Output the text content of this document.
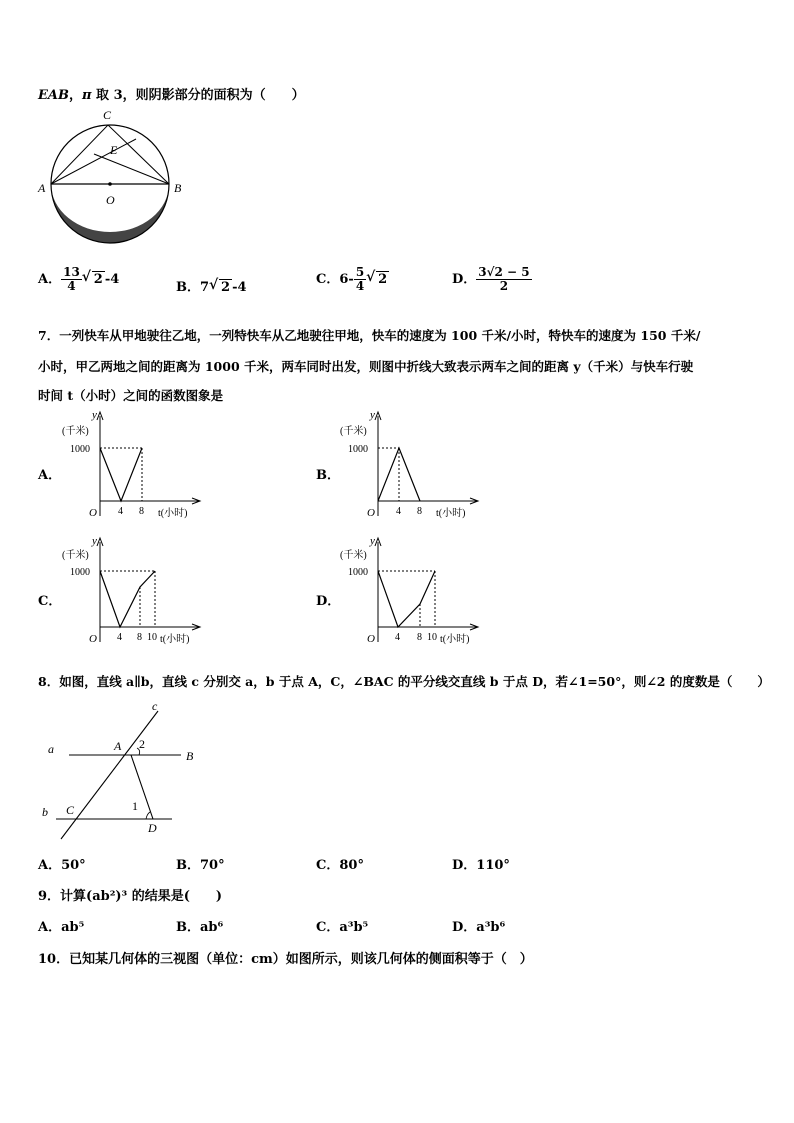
EAB，π 取 3，则阴影部分的面积为（　　）
C
E
A
O
B
A． $\frac{13}{4}$ √ 2 -4
B．7 √ 2 -4
C．$6- \frac{5}{4}$ √ 2	D． $\frac{3√2 - 5}{2}$
7．一列快车从甲地驶往乙地，一列特快车从乙地驶往甲地，快车的速度为 100 千米/小时，特快车的速度为 150 千米/
小时，甲乙两地之间的距离为 1000 千米，两车同时出发，则图中折线大致表示两车之间的距离 y（千米）与快车行驶
时间 t（小时）之间的函数图象是
A．
y
(千米)
1000
O 4 8 t(小时)
B．
y
(千米)
1000
O 4 8 t(小时)
C．
y
(千米)
1000
O 4 8 10 t(小时)
D．
y
(千米)
1000
O 4 8 10 t(小时)
8．如图，直线 a∥b，直线 c 分别交 a，b 于点 A，C，∠BAC 的平分线交直线 b 于点 D，若∠1=50°，则∠2 的度数是（　　）
c
a	A 2
B
b C	1
D
A．50°	B．70°	C．80°	D．110°
9．计算(ab²)³ 的结果是(　　)
A．ab⁵	B．ab⁶	C．a³b⁵	D．a³b⁶
10．已知某几何体的三视图（单位：cm）如图所示，则该几何体的侧面积等于（　）
